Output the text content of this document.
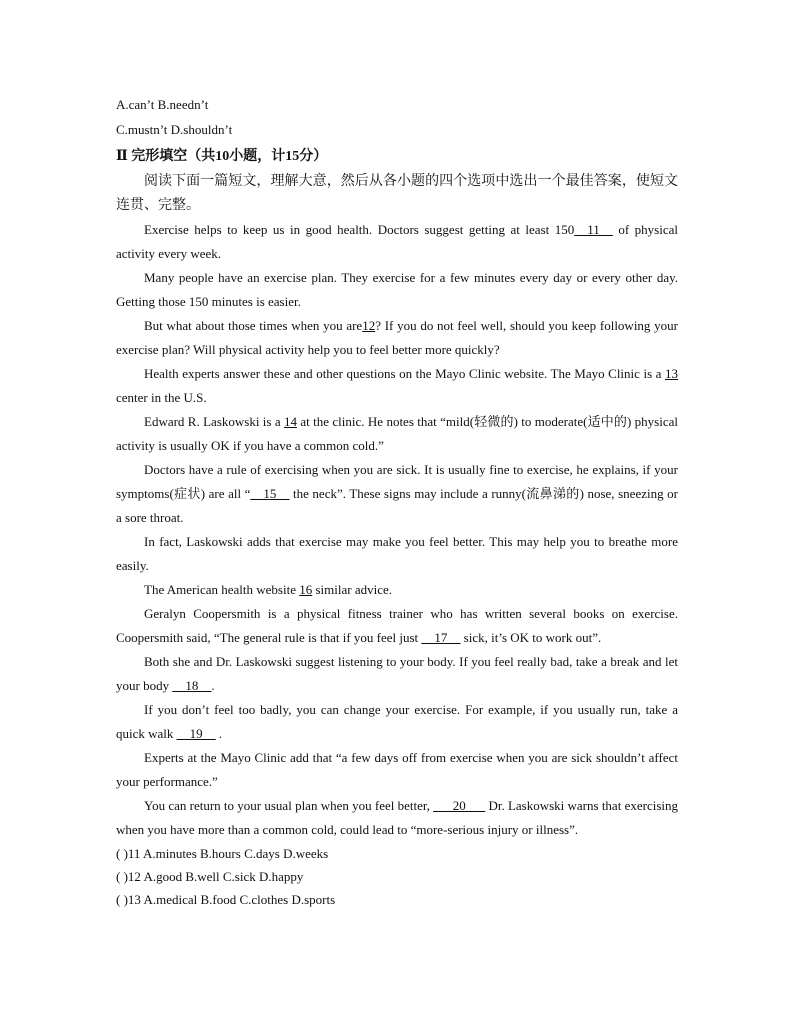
A.can’t B.needn’t
C.mustn’t D.shouldn’t
Ⅱ 完形填空（共10小题，计15分）

阅读下面一篇短文，理解大意，然后从各小题的四个选项中选出一个最佳答案，使短文连贯、完整。

Exercise helps to keep us in good health. Doctors suggest getting at least 150__11__ of physical activity every week.

Many people have an exercise plan. They exercise for a few minutes every day or every other day. Getting those 150 minutes is easier.

But what about those times when you are12? If you do not feel well, should you keep following your exercise plan? Will physical activity help you to feel better more quickly?

Health experts answer these and other questions on the Mayo Clinic website. The Mayo Clinic is a 13 center in the U.S.

Edward R. Laskowski is a 14 at the clinic. He notes that “mild(轻微的) to moderate(适中的) physical activity is usually OK if you have a common cold.”

Doctors have a rule of exercising when you are sick. It is usually fine to exercise, he explains, if your symptoms(症状) are all “__15__ the neck”. These signs may include a runny(流鼻涕的) nose, sneezing or a sore throat.

In fact, Laskowski adds that exercise may make you feel better. This may help you to breathe more easily.

The American health website 16 similar advice.

Geralyn Coopersmith is a physical fitness trainer who has written several books on exercise. Coopersmith said, “The general rule is that if you feel just __17__ sick, it’s OK to work out”.

Both she and Dr. Laskowski suggest listening to your body. If you feel really bad, take a break and let your body __18__.

If you don’t feel too badly, you can change your exercise. For example, if you usually run, take a quick walk __19__ .

Experts at the Mayo Clinic add that “a few days off from exercise when you are sick shouldn’t affect your performance.”

You can return to your usual plan when you feel better, ___20___ Dr. Laskowski warns that exercising when you have more than a common cold, could lead to “more-serious injury or illness”.

( )11 A.minutes B.hours C.days D.weeks
( )12 A.good B.well C.sick D.happy
( )13 A.medical B.food C.clothes D.sports
